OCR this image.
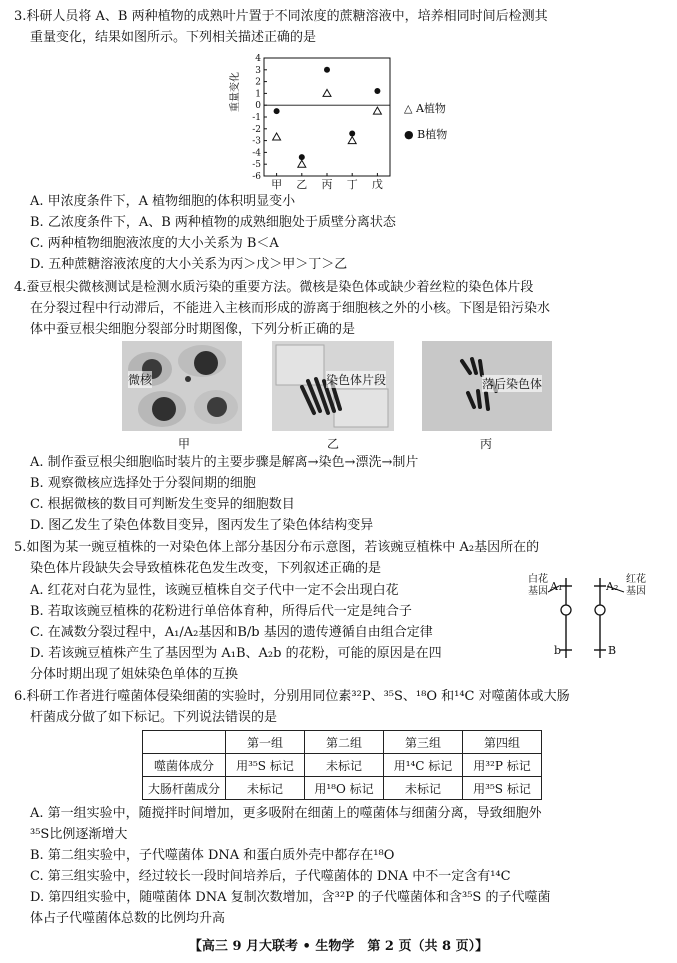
3.科研人员将 A、B 两种植物的成熟叶片置于不同浓度的蔗糖溶液中，培养相同时间后检测其
重量变化，结果如图所示。下列相关描述正确的是
重量变化
4
3
2
1
0
-1
-2
-3
-4
-5
-6
甲 乙 丙 丁 戊
△ A植物
● B植物
A. 甲浓度条件下，A 植物细胞的体积明显变小
B. 乙浓度条件下，A、B 两种植物的成熟细胞处于质壁分离状态
C. 两种植物细胞液浓度的大小关系为 B＜A
D. 五种蔗糖溶液浓度的大小关系为丙＞戊＞甲＞丁＞乙
4.蚕豆根尖微核测试是检测水质污染的重要方法。微核是染色体或缺少着丝粒的染色体片段
在分裂过程中行动滞后，不能进入主核而形成的游离于细胞核之外的小核。下图是铅污染水
体中蚕豆根尖细胞分裂部分时期图像，下列分析正确的是
微核
甲
染色体片段
乙
落后染色体
丙
A. 制作蚕豆根尖细胞临时装片的主要步骤是解离→染色→漂洗→制片
B. 观察微核应选择处于分裂间期的细胞
C. 根据微核的数目可判断发生变异的细胞数目
D. 图乙发生了染色体数目变异，图丙发生了染色体结构变异
5.如图为某一豌豆植株的一对染色体上部分基因分布示意图，若该豌豆植株中 A₂基因所在的
染色体片段缺失会导致植株花色发生改变，下列叙述正确的是
A. 红花对白花为显性，该豌豆植株自交子代中一定不会出现白花
B. 若取该豌豆植株的花粉进行单倍体育种，所得后代一定是纯合子
C. 在减数分裂过程中，A₁/A₂基因和B/b 基因的遗传遵循自由组合定律
D. 若该豌豆植株产生了基因型为 A₁B、A₂b 的花粉，可能的原因是在四
分体时期出现了姐妹染色单体的互换
白花
基因
红花
基因
A₁	A₂
b	B
6.科研工作者进行噬菌体侵染细菌的实验时，分别用同位素³²P、³⁵S、¹⁸O 和¹⁴C 对噬菌体或大肠
杆菌成分做了如下标记。下列说法错误的是
	第一组	第二组	第三组	第四组
噬菌体成分	用³⁵S 标记	未标记	用¹⁴C 标记	用³²P 标记
大肠杆菌成分	未标记	用¹⁸O 标记	未标记	用³⁵S 标记
A. 第一组实验中，随搅拌时间增加，更多吸附在细菌上的噬菌体与细菌分离，导致细胞外
³⁵S比例逐渐增大
B. 第二组实验中，子代噬菌体 DNA 和蛋白质外壳中都存在¹⁸O
C. 第三组实验中，经过较长一段时间培养后，子代噬菌体的 DNA 中不一定含有¹⁴C
D. 第四组实验中，随噬菌体 DNA 复制次数增加，含³²P 的子代噬菌体和含³⁵S 的子代噬菌
体占子代噬菌体总数的比例均升高
【高三 9 月大联考 • 生物学　第 2 页（共 8 页）】
